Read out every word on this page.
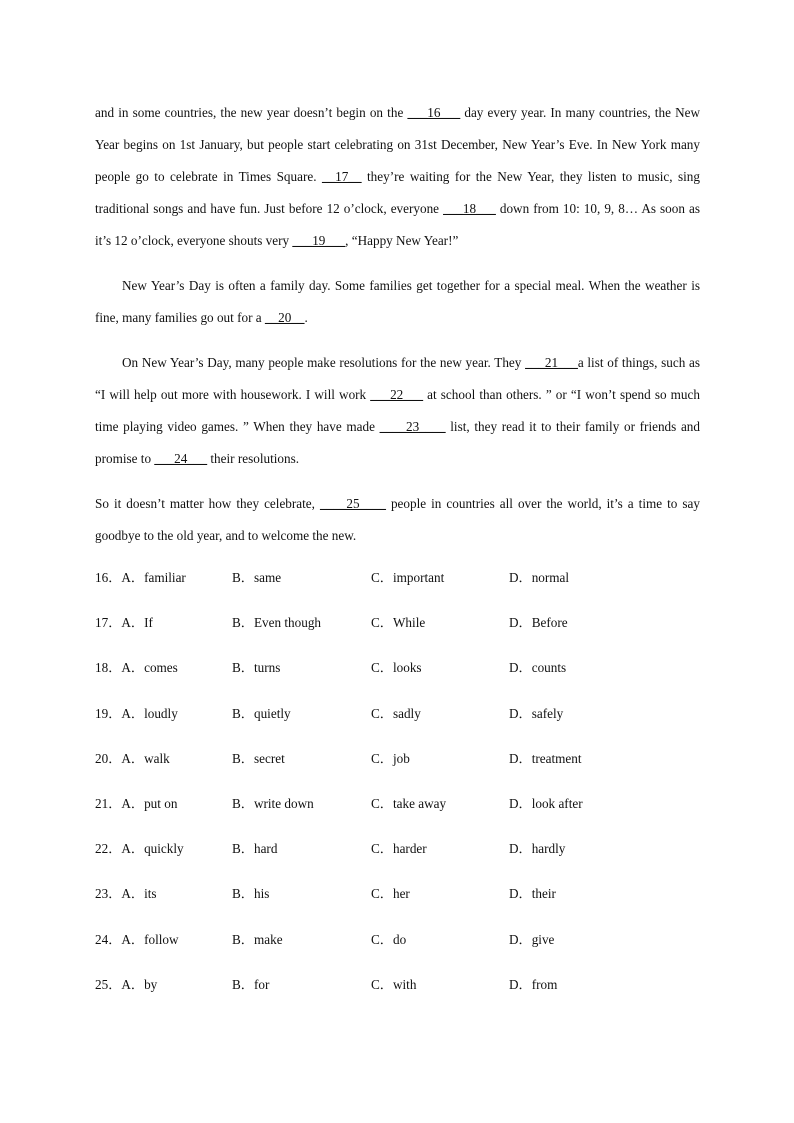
and in some countries, the new year doesn’t begin on the ___16___ day every year. In many countries, the New Year begins on 1st January, but people start celebrating on 31st December, New Year’s Eve. In New York many people go to celebrate in Times Square. __17__ they’re waiting for the New Year, they listen to music, sing traditional songs and have fun. Just before 12 o’clock, everyone ___18___ down from 10: 10, 9, 8… As soon as it’s 12 o’clock, everyone shouts very ___19___, “Happy New Year!”

New Year’s Day is often a family day. Some families get together for a special meal. When the weather is fine, many families go out for a __20__.

On New Year’s Day, many people make resolutions for the new year. They ___21___a list of things, such as “I will help out more with housework. I will work ___22___ at school than others. ” or “I won’t spend so much time playing video games. ” When they have made ____23____ list, they read it to their family or friends and promise to ___24___ their resolutions.

So it doesn’t matter how they celebrate, ____25____ people in countries all over the world, it’s a time to say goodbye to the old year, and to welcome the new.

16．A．familiar	B．same	C．important	D．normal
17．A．If	B．Even though	C．While	D．Before
18．A．comes	B．turns	C．looks	D．counts
19．A．loudly	B．quietly	C．sadly	D．safely
20．A．walk	B．secret	C．job	D．treatment
21．A．put on	B．write down	C．take away	D．look after
22．A．quickly	B．hard	C．harder	D．hardly
23．A．its	B．his	C．her	D．their
24．A．follow	B．make	C．do	D．give
25．A．by	B．for	C．with	D．from
